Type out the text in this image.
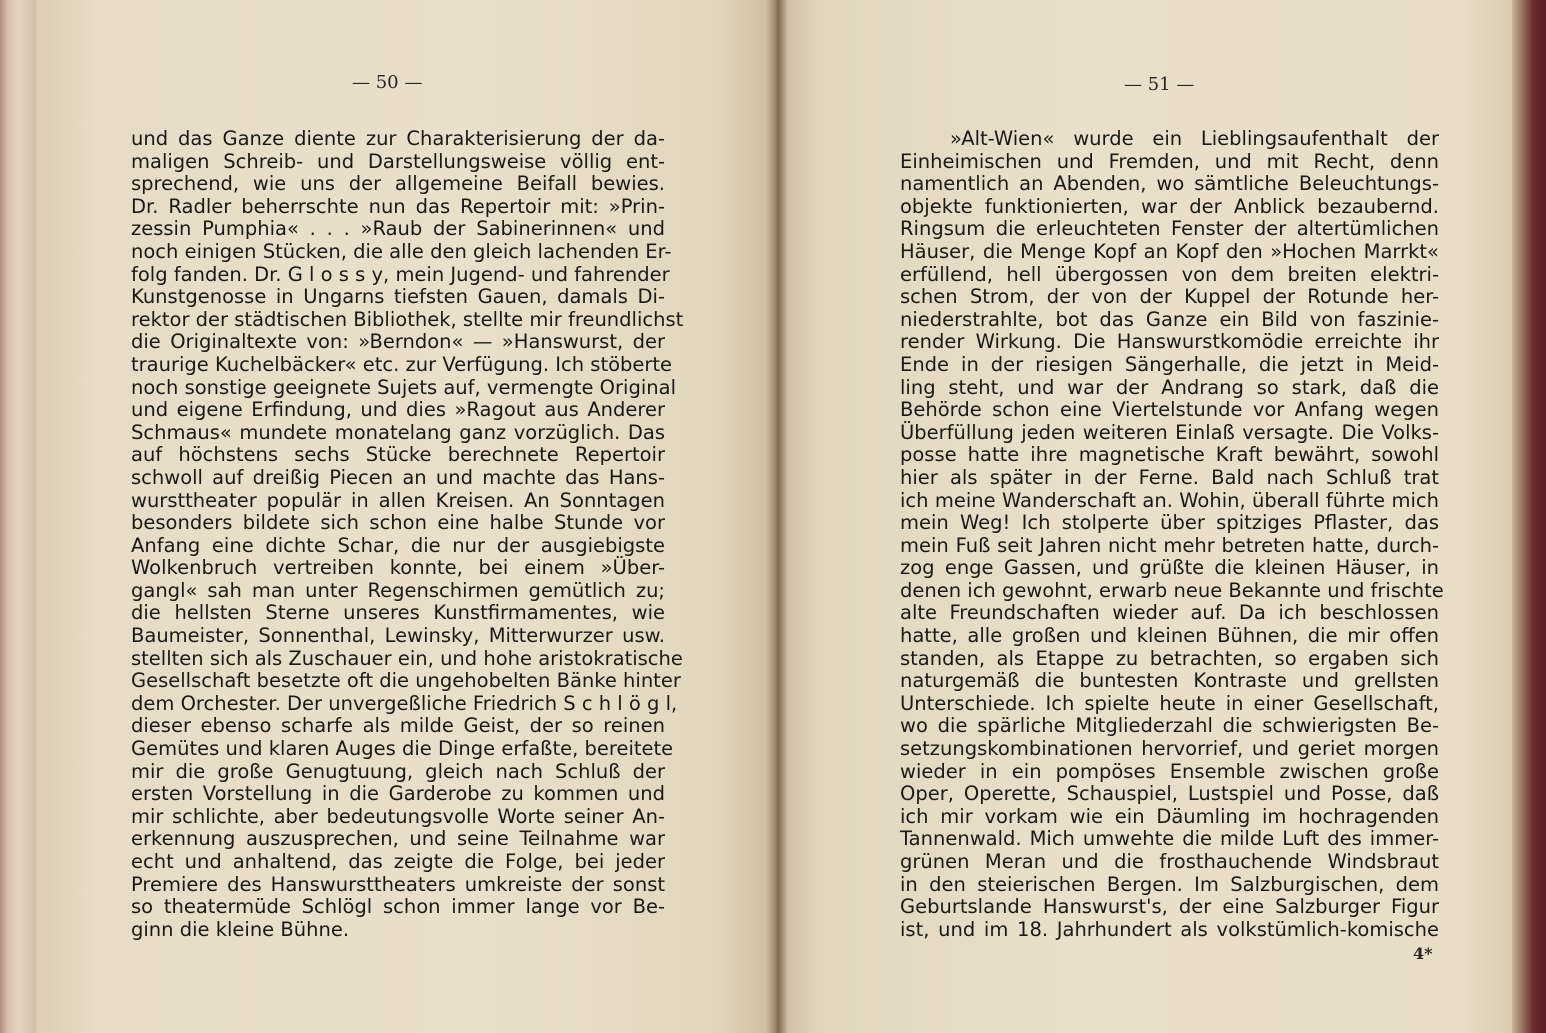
— 50 —	— 51 —
und das Ganze diente zur Charakterisierung der da-
maligen Schreib- und Darstellungsweise völlig ent-
sprechend, wie uns der allgemeine Beifall bewies.
Dr. Radler beherrschte nun das Repertoir mit: »Prin-
zessin Pumphia« . . . »Raub der Sabinerinnen« und
noch einigen Stücken, die alle den gleich lachenden Er-
folg fanden. Dr. G l o s s y, mein Jugend- und fahrender
Kunstgenosse in Ungarns tiefsten Gauen, damals Di-
rektor der städtischen Bibliothek, stellte mir freundlichst
die Originaltexte von: »Berndon« — »Hanswurst, der
traurige Kuchelbäcker« etc. zur Verfügung. Ich stöberte
noch sonstige geeignete Sujets auf, vermengte Original
und eigene Erfindung, und dies »Ragout aus Anderer
Schmaus« mundete monatelang ganz vorzüglich. Das
auf höchstens sechs Stücke berechnete Repertoir
schwoll auf dreißig Piecen an und machte das Hans-
wursttheater populär in allen Kreisen. An Sonntagen
besonders bildete sich schon eine halbe Stunde vor
Anfang eine dichte Schar, die nur der ausgiebigste
Wolkenbruch vertreiben konnte, bei einem »Über-
gangl« sah man unter Regenschirmen gemütlich zu;
die hellsten Sterne unseres Kunstfirmamentes, wie
Baumeister, Sonnenthal, Lewinsky, Mitterwurzer usw.
stellten sich als Zuschauer ein, und hohe aristokratische
Gesellschaft besetzte oft die ungehobelten Bänke hinter
dem Orchester. Der unvergeßliche Friedrich S c h l ö g l,
dieser ebenso scharfe als milde Geist, der so reinen
Gemütes und klaren Auges die Dinge erfaßte, bereitete
mir die große Genugtuung, gleich nach Schluß der
ersten Vorstellung in die Garderobe zu kommen und
mir schlichte, aber bedeutungsvolle Worte seiner An-
erkennung auszusprechen, und seine Teilnahme war
echt und anhaltend, das zeigte die Folge, bei jeder
Premiere des Hanswursttheaters umkreiste der sonst
so theatermüde Schlögl schon immer lange vor Be-
ginn die kleine Bühne.
»Alt-Wien« wurde ein Lieblingsaufenthalt der
Einheimischen und Fremden, und mit Recht, denn
namentlich an Abenden, wo sämtliche Beleuchtungs-
objekte funktionierten, war der Anblick bezaubernd.
Ringsum die erleuchteten Fenster der altertümlichen
Häuser, die Menge Kopf an Kopf den »Hochen Marrkt«
erfüllend, hell übergossen von dem breiten elektri-
schen Strom, der von der Kuppel der Rotunde her-
niederstrahlte, bot das Ganze ein Bild von faszinie-
render Wirkung. Die Hanswurstkomödie erreichte ihr
Ende in der riesigen Sängerhalle, die jetzt in Meid-
ling steht, und war der Andrang so stark, daß die
Behörde schon eine Viertelstunde vor Anfang wegen
Überfüllung jeden weiteren Einlaß versagte. Die Volks-
posse hatte ihre magnetische Kraft bewährt, sowohl
hier als später in der Ferne. Bald nach Schluß trat
ich meine Wanderschaft an. Wohin, überall führte mich
mein Weg! Ich stolperte über spitziges Pflaster, das
mein Fuß seit Jahren nicht mehr betreten hatte, durch-
zog enge Gassen, und grüßte die kleinen Häuser, in
denen ich gewohnt, erwarb neue Bekannte und frischte
alte Freundschaften wieder auf. Da ich beschlossen
hatte, alle großen und kleinen Bühnen, die mir offen
standen, als Etappe zu betrachten, so ergaben sich
naturgemäß die buntesten Kontraste und grellsten
Unterschiede. Ich spielte heute in einer Gesellschaft,
wo die spärliche Mitgliederzahl die schwierigsten Be-
setzungskombinationen hervorrief, und geriet morgen
wieder in ein pompöses Ensemble zwischen große
Oper, Operette, Schauspiel, Lustspiel und Posse, daß
ich mir vorkam wie ein Däumling im hochragenden
Tannenwald. Mich umwehte die milde Luft des immer-
grünen Meran und die frosthauchende Windsbraut
in den steierischen Bergen. Im Salzburgischen, dem
Geburtslande Hanswurst's, der eine Salzburger Figur
ist, und im 18. Jahrhundert als volkstümlich-komische
4*
